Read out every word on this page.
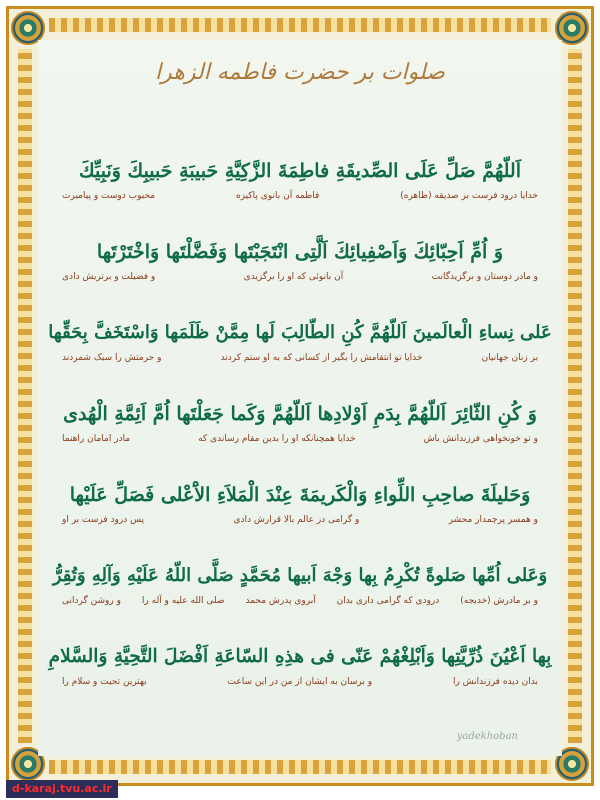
صلوات بر حضرت فاطمه الزهرا
اَللّهُمَّ صَلِّ عَلَى الصِّدیقَةِ فاطِمَةَ الزَّكِیَّةِ حَبیبَةِ حَبیبِكَ وَنَبِیِّكَ
خدایا درود فرست بر صدیقه (طاهره)
فاطمه آن بانوی پاکیزه
محبوب دوست و پیامبرت
وَ اُمِّ اَحِبّائِكَ وَاَصْفِیائِكَ اَلَّتِی انْتَجَبْتَها وَفَضَّلْتَها وَاخْتَرْتَها
و مادر دوستان و برگزیدگانت
آن بانوئی که او را برگزیدی
و فضیلت و برتریش دادی
عَلی نِساءِ الْعالَمینَ اَللّهُمَّ كُنِ الطّالِبَ لَها مِمَّنْ ظَلَمَها وَاسْتَخَفَّ بِحَقِّها
بر زنان جهانیان
خدایا تو انتقامش را بگیر از کسانی که به او ستم کردند
و حرمتش را سبک شمردند
وَ كُنِ الثّائِرَ اَللّهُمَّ بِدَمِ اَوْلادِها اَللّهُمَّ وَكَما جَعَلْتَها اُمَّ اَئِمَّةِ الْهُدی
و تو خونخواهی فرزندانش باش
خدایا همچنانکه او را بدین مقام رساندی که
مادر امامان راهنما
وَحَلیلَةَ صاحِبِ اللِّواءِ وَالْكَریمَةَ عِنْدَ الْمَلاَءِ الاَْعْلی فَصَلِّ عَلَیْها
و همسر پرچمدار محشر
و گرامی در عالم بالا قرارش دادی
پس درود فرست بر او
وَعَلی اُمِّها صَلوةً تُكْرِمُ بِها وَجْهَ اَبیها مُحَمَّدٍ صَلَّی اللّهُ عَلَیْهِ وَآلِهِ وَتُقِرُّ
و بر مادرش (خدیجه)
درودی که گرامی داری بدان
آبروی پدرش محمد
صلی الله علیه و آله را
و روشن گردانی
بِها اَعْیُنَ ذُرِّیَّتِها وَاَبْلِغْهُمْ عَنّی فی هذِهِ السّاعَةِ اَفْضَلَ التَّحِیَّةِ وَالسَّلامِ
بدان دیده فرزندانش را
و برسان به ایشان از من در این ساعت
بهترین تحیت و سلام را
yadekhoban
d-karaj.tvu.ac.ir
